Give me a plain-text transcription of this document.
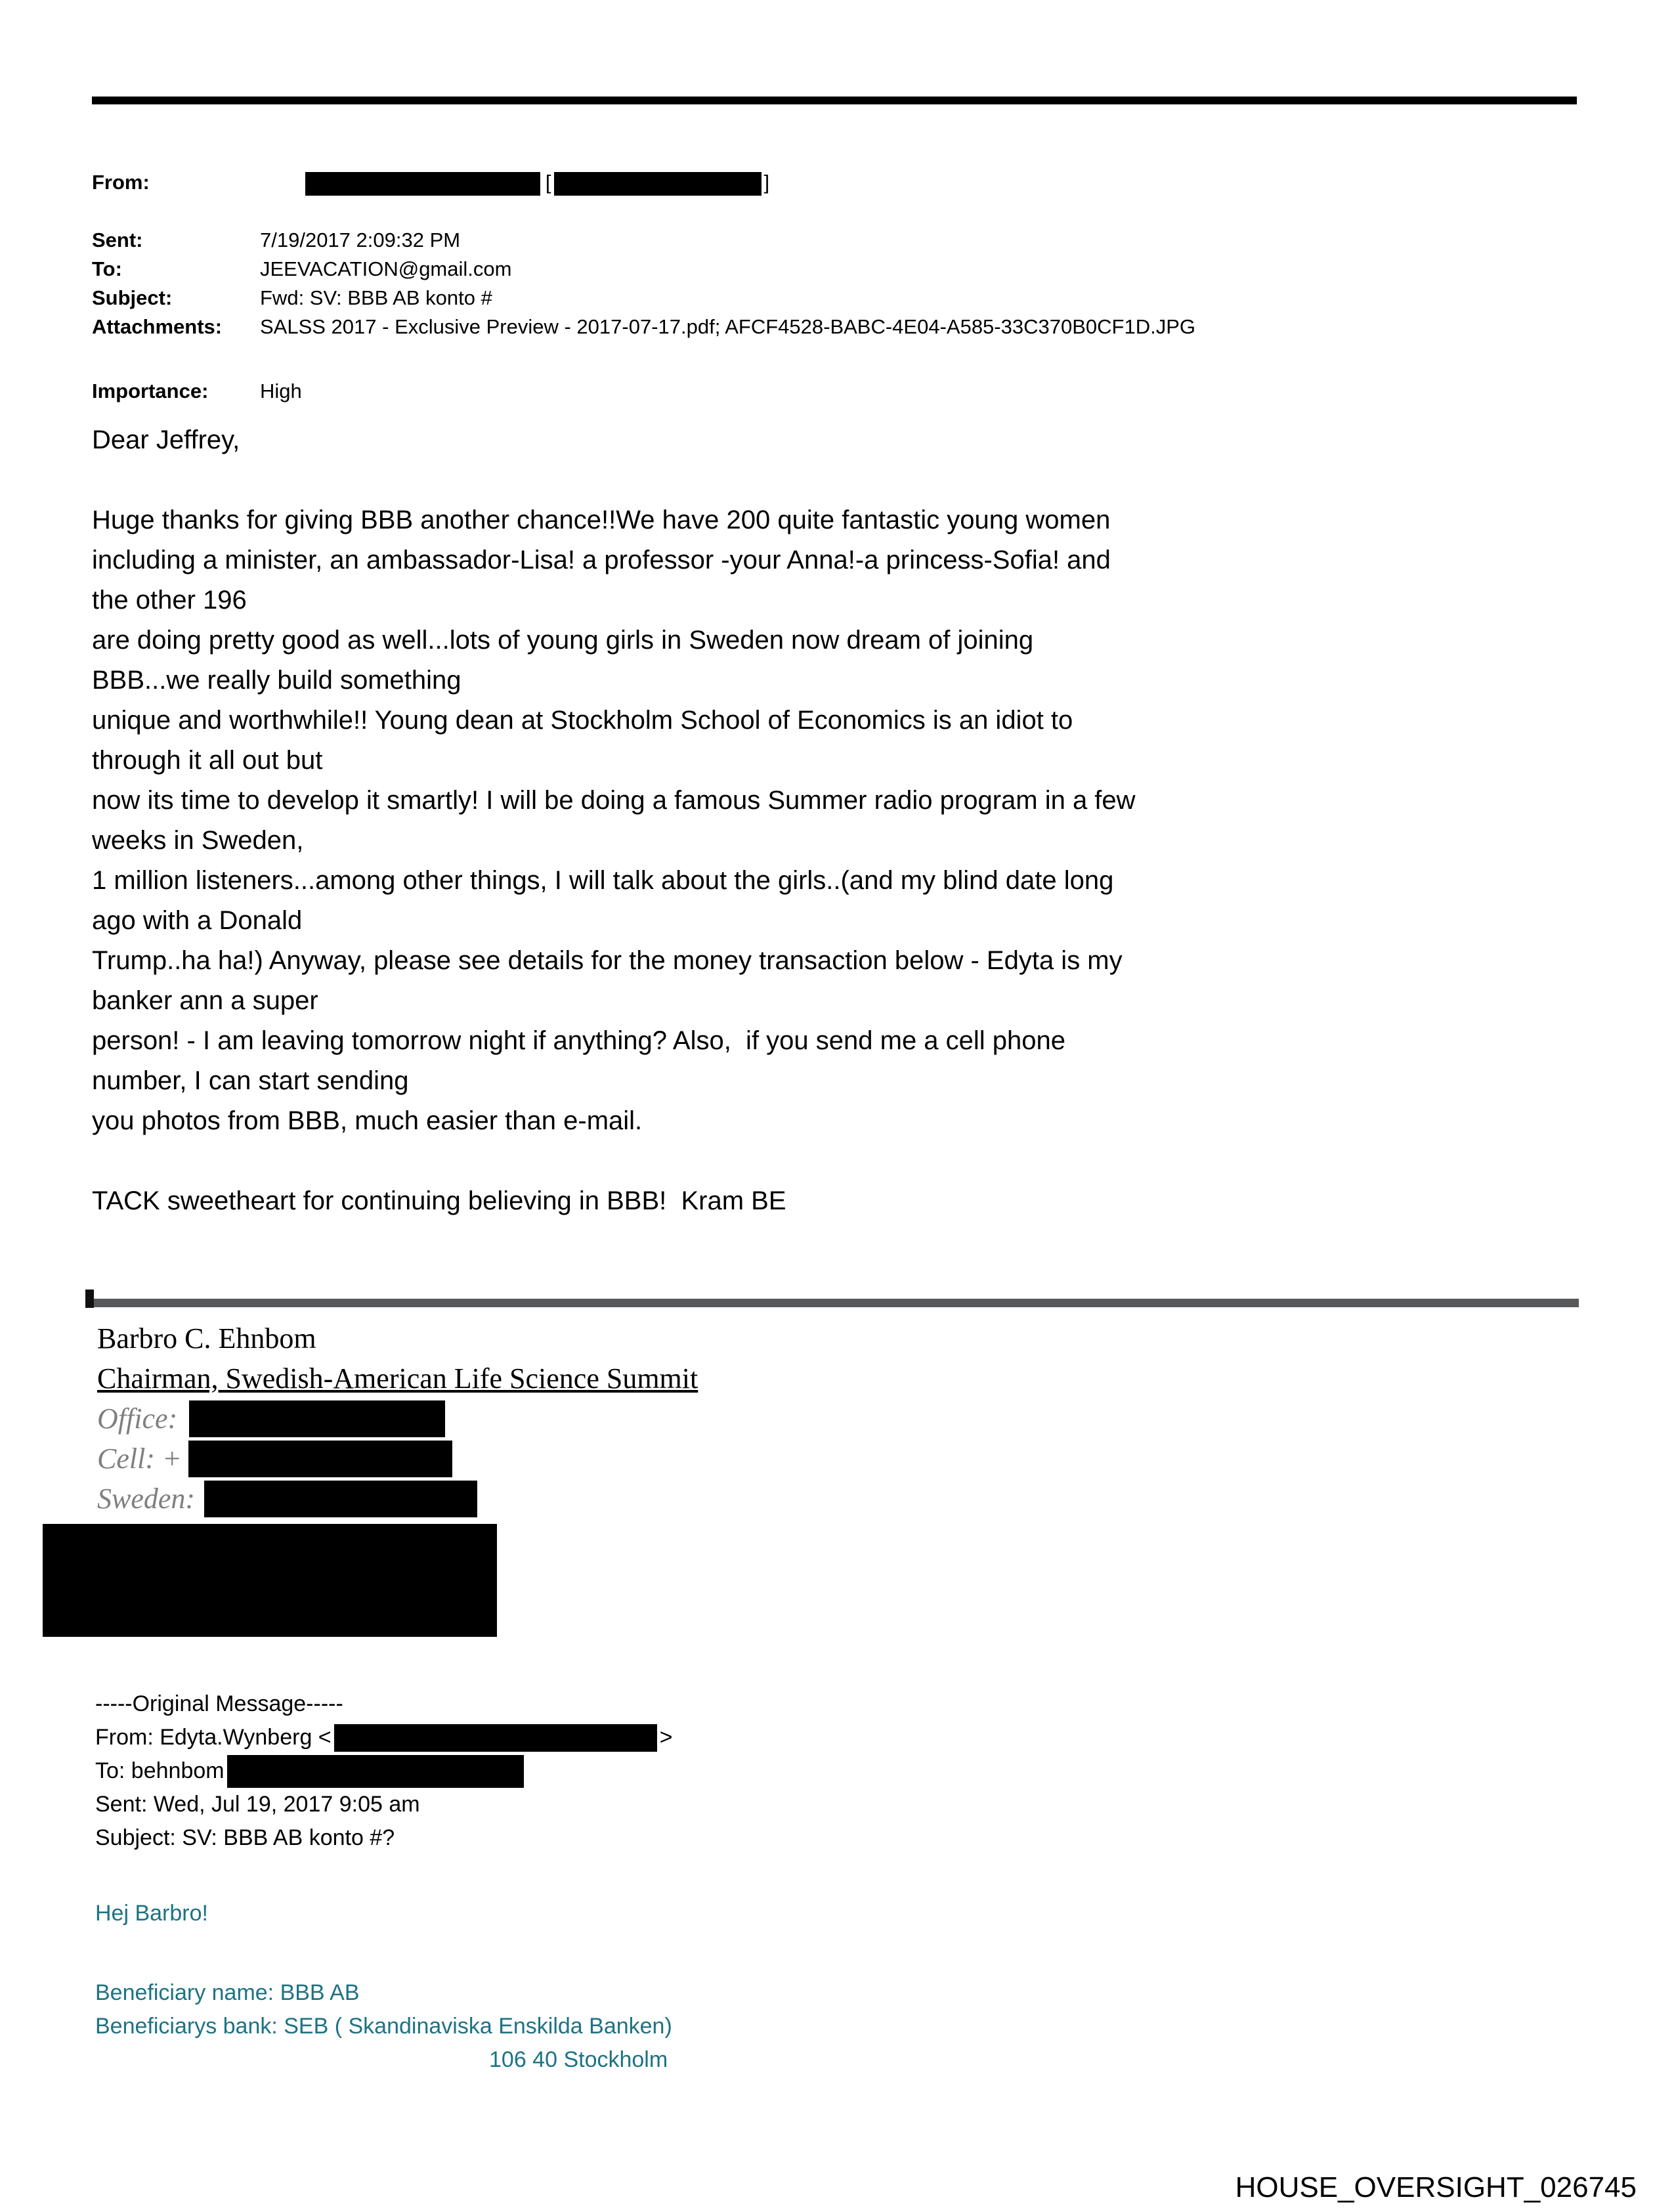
From:	[	]

Sent:	7/19/2017 2:09:32 PM
To:	JEEVACATION@gmail.com
Subject:	Fwd: SV: BBB AB konto #
Attachments:	SALSS 2017 - Exclusive Preview - 2017-07-17.pdf; AFCF4528-BABC-4E04-A585-33C370B0CF1D.JPG
Importance:	High
Dear Jeffrey,
Huge thanks for giving BBB another chance!!We have 200 quite fantastic young women
including a minister, an ambassador-Lisa! a professor -your Anna!-a princess-Sofia! and
the other 196
are doing pretty good as well...lots of young girls in Sweden now dream of joining
BBB...we really build something
unique and worthwhile!! Young dean at Stockholm School of Economics is an idiot to
through it all out but
now its time to develop it smartly! I will be doing a famous Summer radio program in a few
weeks in Sweden,
1 million listeners...among other things, I will talk about the girls..(and my blind date long
ago with a Donald
Trump..ha ha!) Anyway, please see details for the money transaction below - Edyta is my
banker ann a super
person! - I am leaving tomorrow night if anything? Also,  if you send me a cell phone
number, I can start sending
you photos from BBB, much easier than e-mail.
TACK sweetheart for continuing believing in BBB!  Kram BE
Barbro C. Ehnbom
Chairman, Swedish-American Life Science Summit
Office:
Cell: +
Sweden:
-----Original Message-----
From: Edyta.Wynberg <	>
To: behnbom
Sent: Wed, Jul 19, 2017 9:05 am
Subject: SV: BBB AB konto #?
Hej Barbro!
Beneficiary name: BBB AB
Beneficiarys bank: SEB ( Skandinaviska Enskilda Banken)
106 40 Stockholm
HOUSE_OVERSIGHT_026745
